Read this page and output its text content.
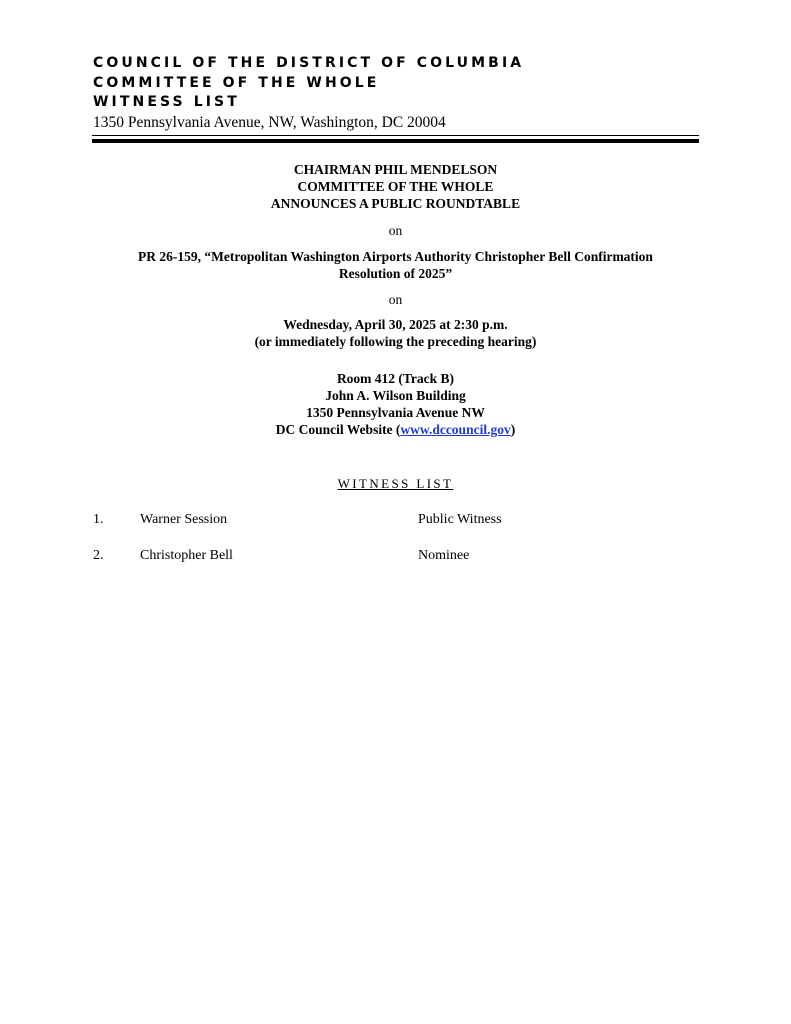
COUNCIL OF THE DISTRICT OF COLUMBIA
COMMITTEE OF THE WHOLE
WITNESS LIST
1350 Pennsylvania Avenue, NW, Washington, DC 20004
CHAIRMAN PHIL MENDELSON
COMMITTEE OF THE WHOLE
ANNOUNCES A PUBLIC ROUNDTABLE
on
PR 26-159, “Metropolitan Washington Airports Authority Christopher Bell Confirmation
Resolution of 2025”
on
Wednesday, April 30, 2025 at 2:30 p.m.
(or immediately following the preceding hearing)
Room 412 (Track B)
John A. Wilson Building
1350 Pennsylvania Avenue NW
DC Council Website (www.dccouncil.gov)
WITNESS LIST
1.	Warner Session	Public Witness
2.	Christopher Bell	Nominee
